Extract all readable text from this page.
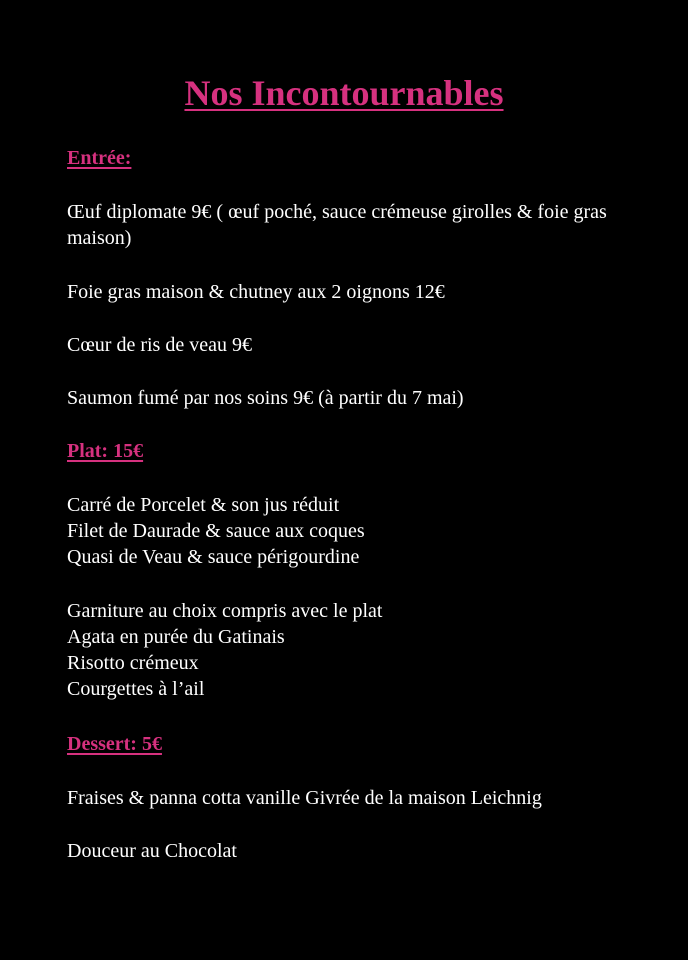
Nos Incontournables

Entrée:

Œuf diplomate 9€ ( œuf poché, sauce crémeuse girolles & foie gras maison)

Foie gras maison & chutney aux 2 oignons 12€

Cœur de ris de veau 9€

Saumon fumé par nos soins 9€ (à partir du 7 mai)

Plat: 15€

Carré de Porcelet & son jus réduit

Filet de Daurade & sauce aux coques

Quasi de Veau & sauce périgourdine

Garniture au choix compris avec le plat

Agata en purée du Gatinais

Risotto crémeux

Courgettes à l’ail

Dessert: 5€

Fraises & panna cotta vanille Givrée de la maison Leichnig

Douceur au Chocolat
